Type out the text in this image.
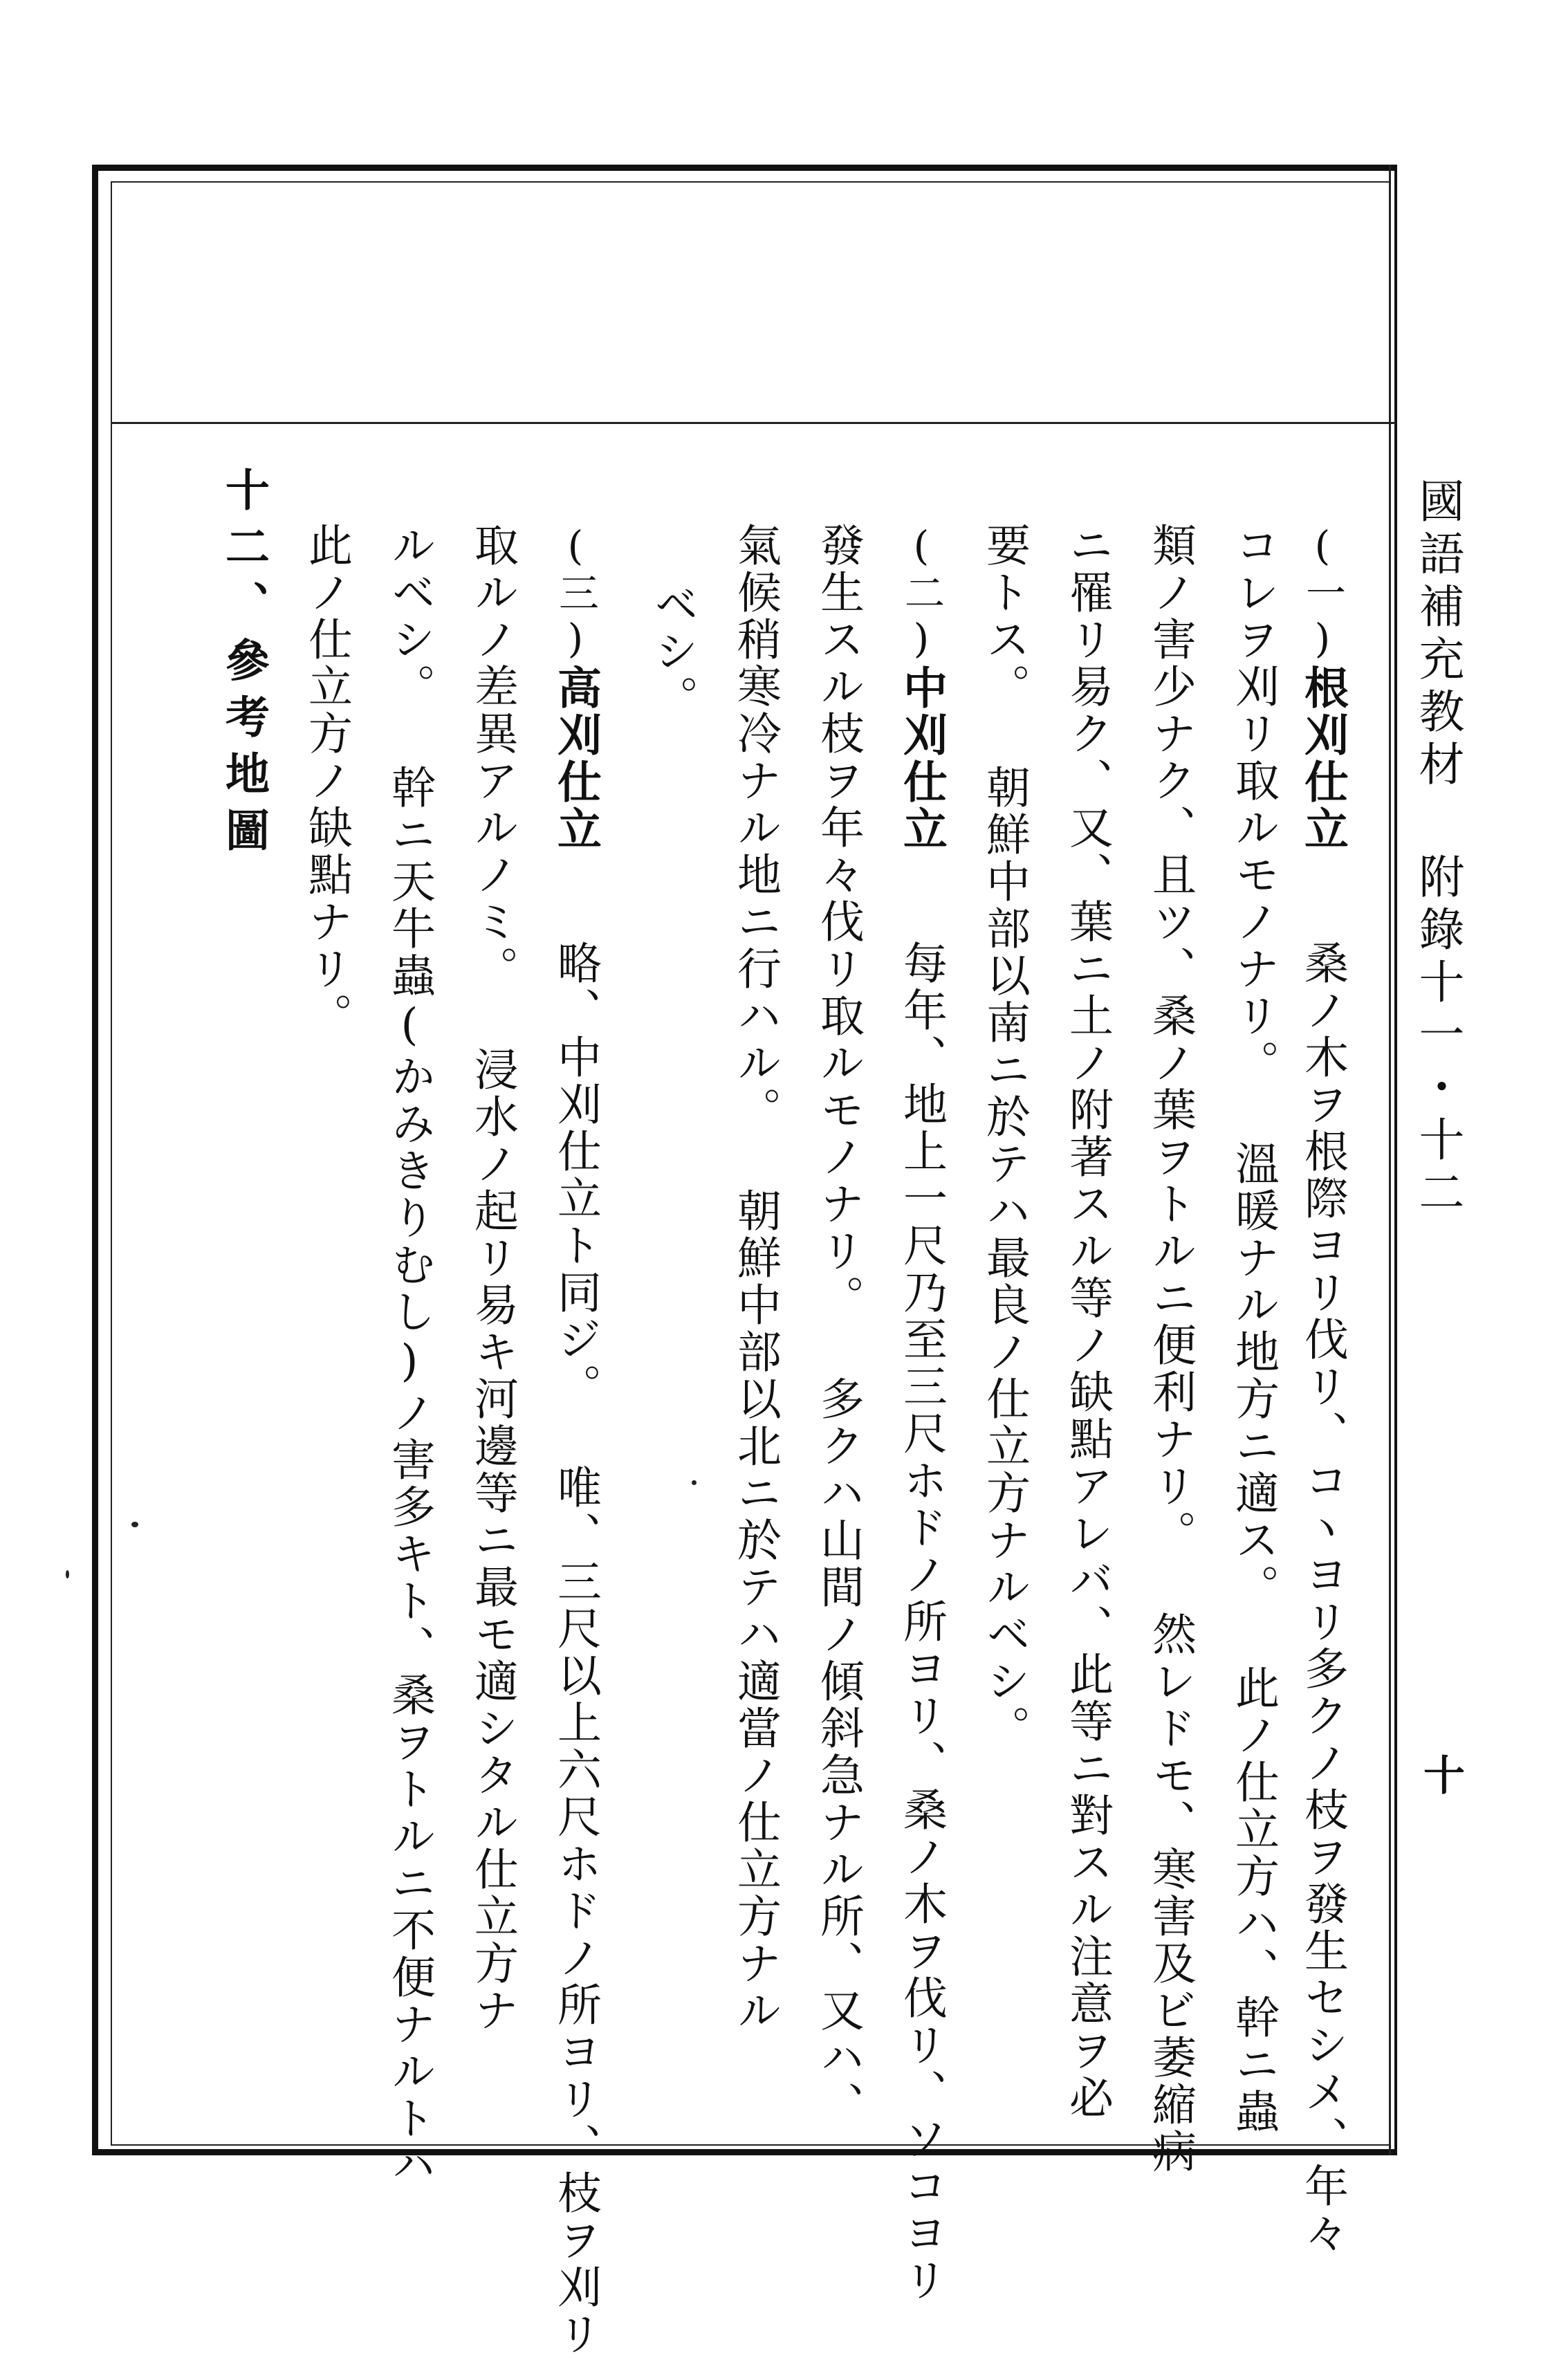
國語補充教材 附錄十一・十二
十
(一)根刈仕立桑ノ木ヲ根際ヨリ伐リ、コヽヨリ多クノ枝ヲ發生セシメ、年々
コレヲ刈リ取ルモノナリ。 溫暖ナル地方ニ適ス。 此ノ仕立方ハ、幹ニ蟲
類ノ害少ナク、且ツ、桑ノ葉ヲトルニ便利ナリ。 然レドモ、寒害及ビ萎縮病
ニ罹リ易ク、又、葉ニ土ノ附著スル等ノ缺點アレバ、此等ニ對スル注意ヲ必
要トス。 朝鮮中部以南ニ於テハ最良ノ仕立方ナルベシ。
(二)中刈仕立每年、地上一尺乃至三尺ホドノ所ヨリ、桑ノ木ヲ伐リ、ソコヨリ
發生スル枝ヲ年々伐リ取ルモノナリ。 多クハ山間ノ傾斜急ナル所、又ハ、
氣候稍寒冷ナル地ニ行ハル。 朝鮮中部以北ニ於テハ適當ノ仕立方ナル
(三)高刈仕立略、中刈仕立ト同ジ。 唯、三尺以上六尺ホドノ所ヨリ、枝ヲ刈リ
取ルノ差異アルノミ。 浸水ノ起リ易キ河邊等ニ最モ適シタル仕立方ナ
ルベシ。 幹ニ天牛蟲(かみきりむし)ノ害多キト、桑ヲトルニ不便ナルトハ
此ノ仕立方ノ缺點ナリ。
十二、參考地圖	ベシ。
